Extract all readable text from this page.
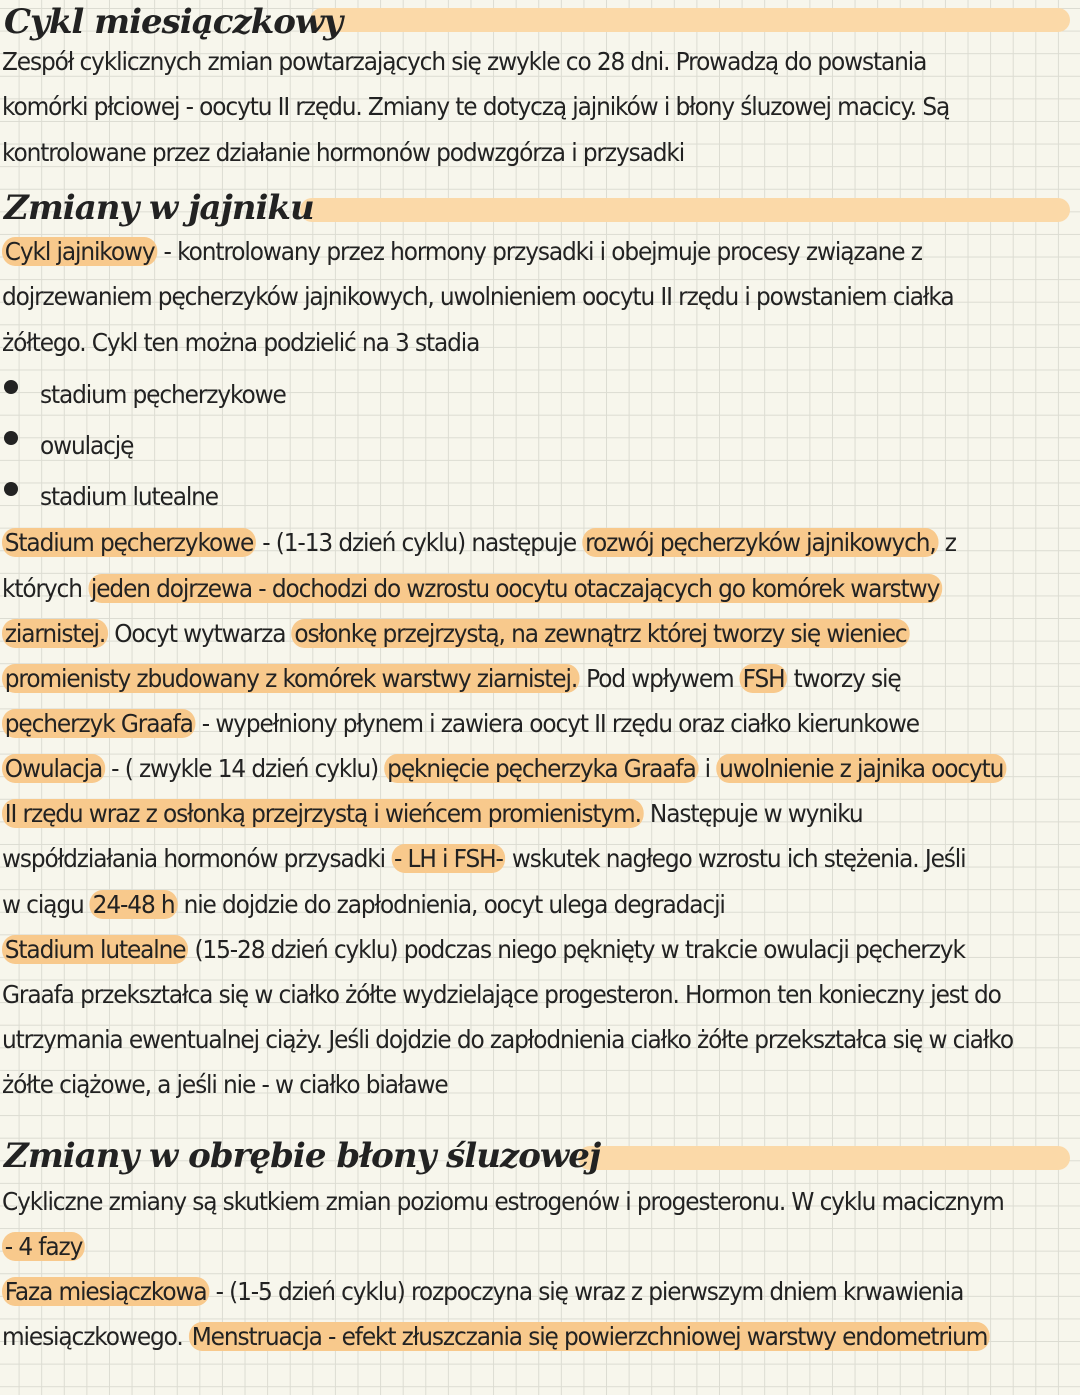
Cykl miesiączkowy
Zmiany w jajniku
Zmiany w obrębie błony śluzowej
Zespół cyklicznych zmian powtarzających się zwykle co 28 dni. Prowadzą do powstania
komórki płciowej - oocytu II rzędu. Zmiany te dotyczą jajników i błony śluzowej macicy. Są
kontrolowane przez działanie hormonów podwzgórza i przysadki
Cykl jajnikowy - kontrolowany przez hormony przysadki i obejmuje procesy związane z
dojrzewaniem pęcherzyków jajnikowych, uwolnieniem oocytu II rzędu i powstaniem ciałka
żółtego. Cykl ten można podzielić na 3 stadia
stadium pęcherzykowe
owulację
stadium lutealne
Stadium pęcherzykowe - (1-13 dzień cyklu) następuje rozwój pęcherzyków jajnikowych, z
których jeden dojrzewa - dochodzi do wzrostu oocytu otaczających go komórek warstwy
ziarnistej. Oocyt wytwarza osłonkę przejrzystą, na zewnątrz której tworzy się wieniec
promienisty zbudowany z komórek warstwy ziarnistej. Pod wpływem FSH tworzy się
pęcherzyk Graafa - wypełniony płynem i zawiera oocyt II rzędu oraz ciałko kierunkowe
Owulacja - ( zwykle 14 dzień cyklu) pęknięcie pęcherzyka Graafa i uwolnienie z jajnika oocytu
II rzędu wraz z osłonką przejrzystą i wieńcem promienistym. Następuje w wyniku
współdziałania hormonów przysadki - LH i FSH- wskutek nagłego wzrostu ich stężenia. Jeśli
w ciągu 24-48 h nie dojdzie do zapłodnienia, oocyt ulega degradacji
Stadium lutealne (15-28 dzień cyklu) podczas niego pęknięty w trakcie owulacji pęcherzyk
Graafa przekształca się w ciałko żółte wydzielające progesteron. Hormon ten konieczny jest do
utrzymania ewentualnej ciąży. Jeśli dojdzie do zapłodnienia ciałko żółte przekształca się w ciałko
żółte ciążowe, a jeśli nie - w ciałko białawe
Cykliczne zmiany są skutkiem zmian poziomu estrogenów i progesteronu. W cyklu macicznym
- 4 fazy
Faza miesiączkowa - (1-5 dzień cyklu) rozpoczyna się wraz z pierwszym dniem krwawienia
miesiączkowego. Menstruacja - efekt złuszczania się powierzchniowej warstwy endometrium
